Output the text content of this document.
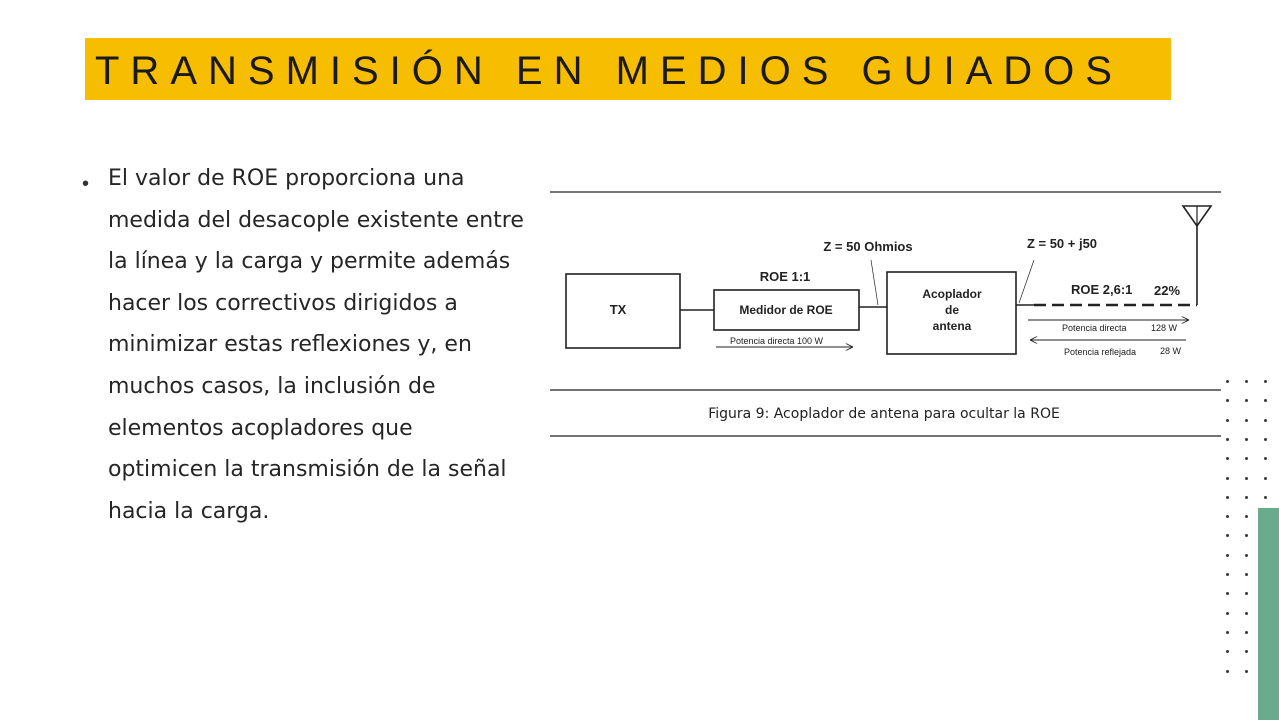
TRANSMISIÓN EN MEDIOS GUIADOS
• El valor de ROE proporciona una medida del desacople existente entre la línea y la carga y permite además hacer los correctivos dirigidos a minimizar estas reflexiones y, en muchos casos, la inclusión de elementos acopladores que optimicen la transmisión de la señal hacia la carga.

TX	Medidor de ROE
ROE 1:1
Potencia directa 100 W
Z = 50 Ohmios
Acoplador
de
antena
Z = 50 + j50
ROE 2,6:1 22%
Potencia directa	128 W
Potencia reflejada	28 W
Figura 9: Acoplador de antena para ocultar la ROE
